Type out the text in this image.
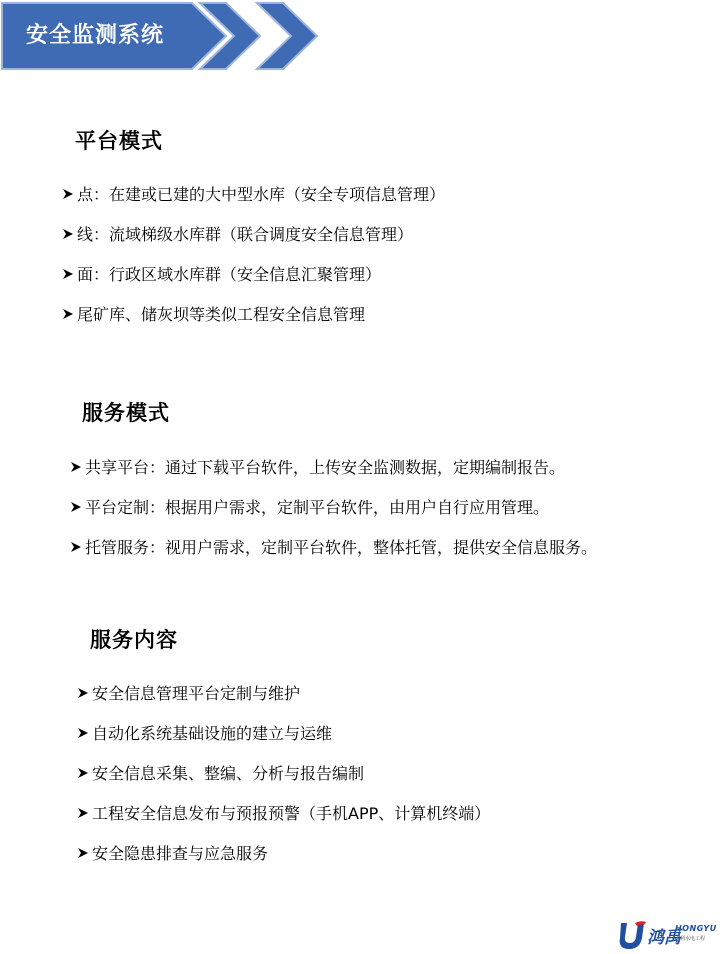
安全监测系统
平台模式
点：在建或已建的大中型水库（安全专项信息管理）
线：流域梯级水库群（联合调度安全信息管理）
面：行政区域水库群（安全信息汇聚管理）
尾矿库、储灰坝等类似工程安全信息管理
服务模式
共享平台：通过下载平台软件，上传安全监测数据，定期编制报告。
平台定制：根据用户需求，定制平台软件，由用户自行应用管理。
托管服务：视用户需求，定制平台软件，整体托管，提供安全信息服务。
服务内容
安全信息管理平台定制与维护
自动化系统基础设施的建立与运维
安全信息采集、整编、分析与报告编制
工程安全信息发布与预报预警（手机APP、计算机终端）
安全隐患排查与应急服务
鸿禹
HONGYU
水利水电工程
